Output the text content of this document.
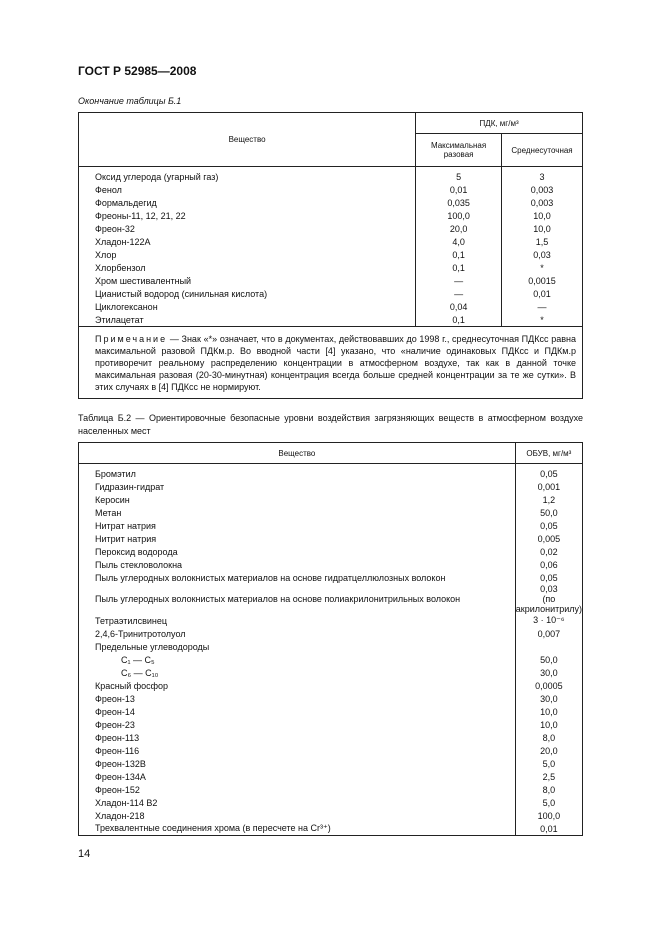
ГОСТ Р 52985—2008
Окончание таблицы Б.1
Вещество	ПДК, мг/м³	
	Максимальная разовая	Среднесуточная
Оксид углерода (угарный газ)	5	3
Фенол	0,01	0,003
Формальдегид	0,035	0,003
Фреоны-11, 12, 21, 22	100,0	10,0
Фреон-32	20,0	10,0
Хладон-122А	4,0	1,5
Хлор	0,1	0,03
Хлорбензол	0,1	*
Хром шестивалентный	—	0,0015
Цианистый водород (синильная кислота)	—	0,01
Циклогексанон	0,04	—
Этилацетат	0,1	*
Примечание — Знак «*» означает, что в документах, действовавших до 1998 г., среднесуточная ПДКсс равна максимальной разовой ПДКм.р. Во вводной части [4] указано, что «наличие одинаковых ПДКсс и ПДКм.р противоречит реальному распределению концентрации в атмосферном воздухе, так как в данной точке максимальная разовая (20-30-минутная) концентрация всегда больше средней концентрации за те же сутки». В этих случаях в [4] ПДКсс не нормируют.		
Таблица Б.2 — Ориентировочные безопасные уровни воздействия загрязняющих веществ в атмосферном воздухе населенных мест
Вещество	ОБУВ, мг/м³
Бромэтил	0,05

Гидразин-гидрат	0,001

Керосин	1,2

Метан	50,0

Нитрат натрия	0,05

Нитрит натрия	0,005

Пероксид водорода	0,02

Пыль стекловолокна	0,06

Пыль углеродных волокнистых материалов на основе гидратцеллюлозных волокон	0,05

Пыль углеродных волокнистых материалов на основе полиакрилонитрильных волокон	0,03
(по акрилонитрилу)

Тетраэтилсвинец	3 · 10⁻⁶

2,4,6-Тринитротолуол	0,007

Предельные углеводороды	

С₁ — С₅	50,0

С₆ — С₁₀	30,0

Красный фосфор	0,0005

Фреон-13	30,0

Фреон-14	10,0

Фреон-23	10,0

Фреон-113	8,0

Фреон-116	20,0

Фреон-132В	5,0

Фреон-134А	2,5

Фреон-152	8,0

Хладон-114 В2	5,0

Хладон-218	100,0

Трехвалентные соединения хрома (в пересчете на Cr³⁺)	0,01
14
